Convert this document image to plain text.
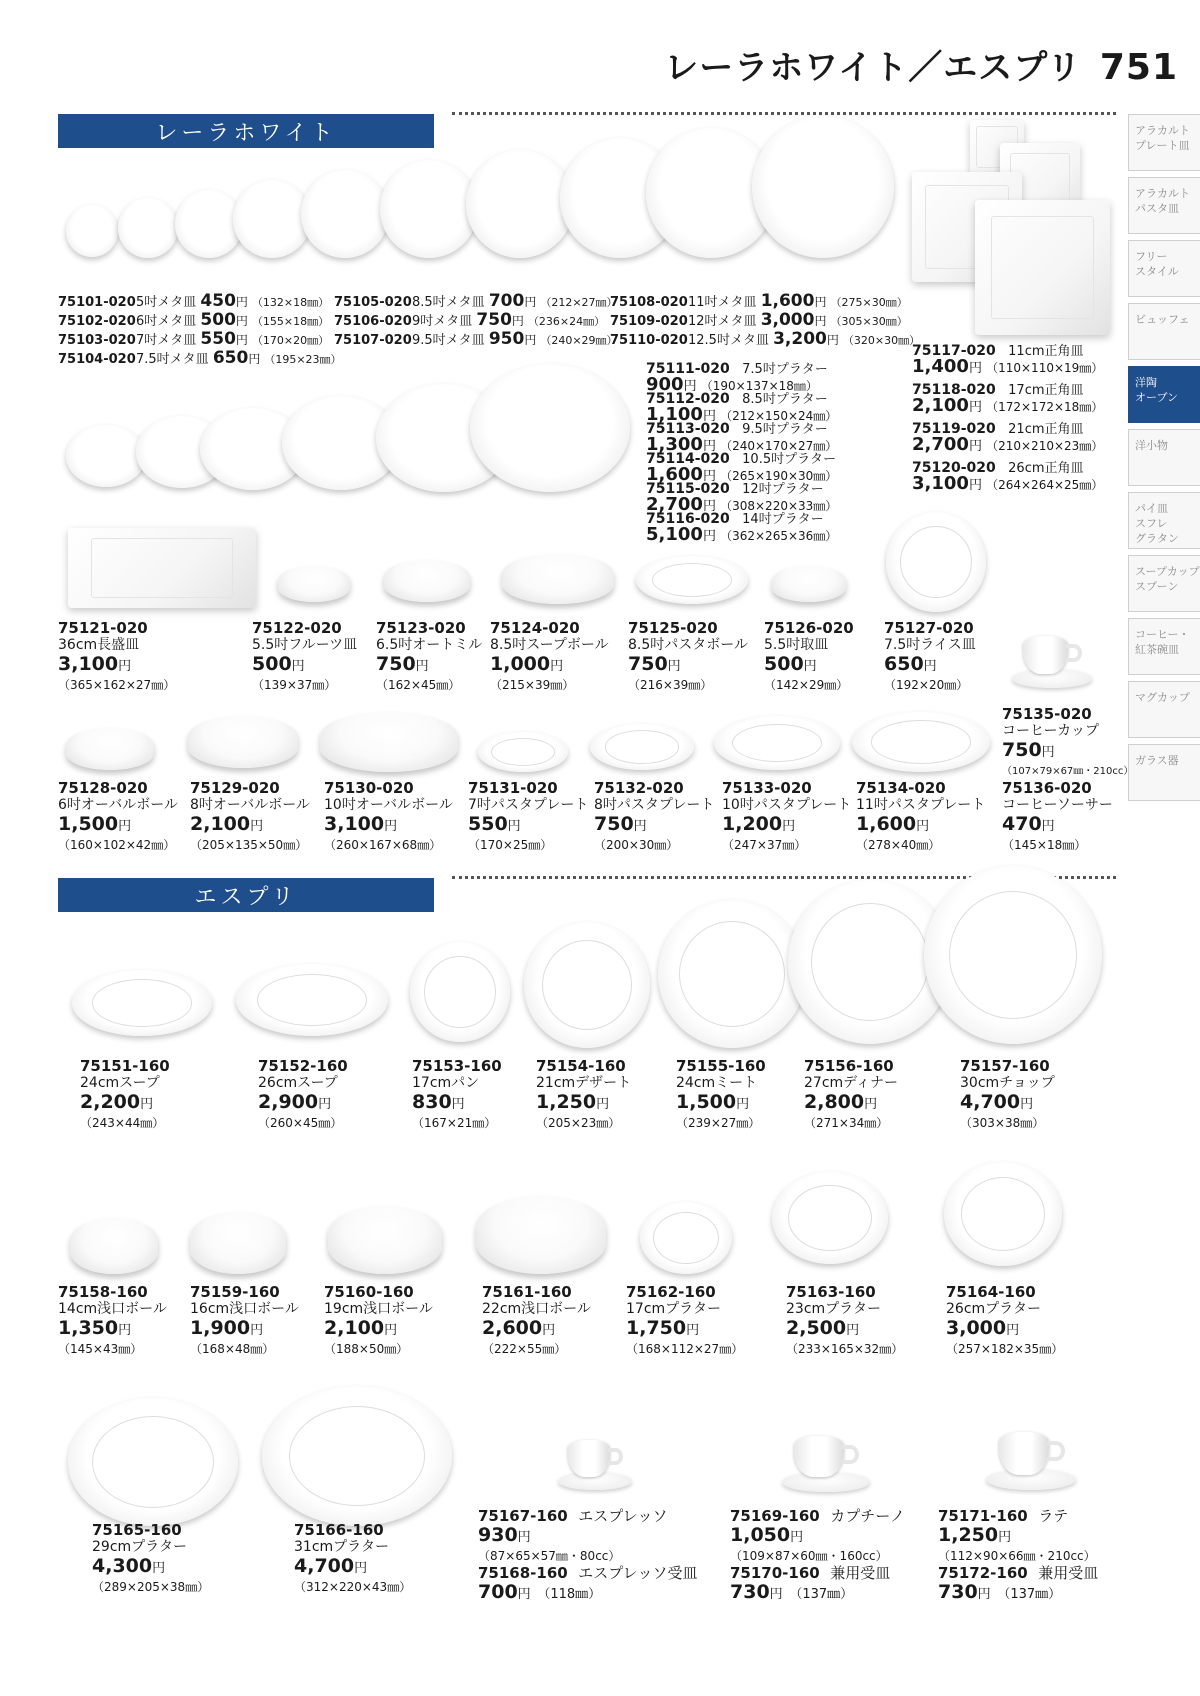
レーラホワイト／エスプリ 751
レーラホワイト
エスプリ
アラカルト
プレート皿
アラカルト
パスタ皿
フリー
スタイル
ビュッフェ
洋陶
オーブン
洋小物
パイ皿
スフレ
グラタン
スープカップ
スプーン
コーヒー・
紅茶碗皿
マグカップ
ガラス器
75101-0205吋メタ皿 450円 （132×18㎜）
75102-0206吋メタ皿 500円 （155×18㎜）
75103-0207吋メタ皿 550円 （170×20㎜）
75104-0207.5吋メタ皿 650円 （195×23㎜）
75105-0208.5吋メタ皿 700円 （212×27㎜）
75106-0209吋メタ皿 750円 （236×24㎜）
75107-0209.5吋メタ皿 950円 （240×29㎜）
75108-02011吋メタ皿 1,600円 （275×30㎜）
75109-02012吋メタ皿 3,000円 （305×30㎜）
75110-02012.5吋メタ皿 3,200円 （320×30㎜）
75111-020 7.5吋プラター
900円 （190×137×18㎜）
75112-020 8.5吋プラター
1,100円 （212×150×24㎜）
75113-020 9.5吋プラター
1,300円 （240×170×27㎜）
75114-020 10.5吋プラター
1,600円 （265×190×30㎜）
75115-020 12吋プラター
2,700円 （308×220×33㎜）
75116-020 14吋プラター
5,100円 （362×265×36㎜）
75117-020 11cm正角皿
1,400円 （110×110×19㎜）
75118-020 17cm正角皿
2,100円 （172×172×18㎜）
75119-020 21cm正角皿
2,700円 （210×210×23㎜）
75120-020 26cm正角皿
3,100円 （264×264×25㎜）
75121-020
36cm長盛皿
3,100円
（365×162×27㎜）
75122-020
5.5吋フルーツ皿
500円
（139×37㎜）
75123-020
6.5吋オートミル
750円
（162×45㎜）
75124-020
8.5吋スープボール
1,000円
（215×39㎜）
75125-020
8.5吋パスタボール
750円
（216×39㎜）
75126-020
5.5吋取皿
500円
（142×29㎜）
75127-020
7.5吋ライス皿
650円
（192×20㎜）
75135-020
コーヒーカップ
750円
（107×79×67㎜・210cc）
75128-020
6吋オーバルボール
1,500円
（160×102×42㎜）
75129-020
8吋オーバルボール
2,100円
（205×135×50㎜）
75130-020
10吋オーバルボール
3,100円
（260×167×68㎜）
75131-020
7吋パスタプレート
550円
（170×25㎜）
75132-020
8吋パスタプレート
750円
（200×30㎜）
75133-020
10吋パスタプレート
1,200円
（247×37㎜）
75134-020
11吋パスタプレート
1,600円
（278×40㎜）
75136-020
コーヒーソーサー
470円
（145×18㎜）
75151-160
24cmスープ
2,200円
（243×44㎜）
75152-160
26cmスープ
2,900円
（260×45㎜）
75153-160
17cmパン
830円
（167×21㎜）
75154-160
21cmデザート
1,250円
（205×23㎜）
75155-160
24cmミート
1,500円
（239×27㎜）
75156-160
27cmディナー
2,800円
（271×34㎜）
75157-160
30cmチョップ
4,700円
（303×38㎜）
75158-160
14cm浅口ボール
1,350円
（145×43㎜）
75159-160
16cm浅口ボール
1,900円
（168×48㎜）
75160-160
19cm浅口ボール
2,100円
（188×50㎜）
75161-160
22cm浅口ボール
2,600円
（222×55㎜）
75162-160
17cmプラター
1,750円
（168×112×27㎜）
75163-160
23cmプラター
2,500円
（233×165×32㎜）
75164-160
26cmプラター
3,000円
（257×182×35㎜）
75165-160
29cmプラター
4,300円
（289×205×38㎜）
75166-160
31cmプラター
4,700円
（312×220×43㎜）
75167-160 エスプレッソ
930円
（87×65×57㎜・80cc）
75168-160 エスプレッソ受皿
700円 （118㎜）
75169-160 カプチーノ
1,050円
（109×87×60㎜・160cc）
75170-160 兼用受皿
730円 （137㎜）
75171-160 ラテ
1,250円
（112×90×66㎜・210cc）
75172-160 兼用受皿
730円 （137㎜）
